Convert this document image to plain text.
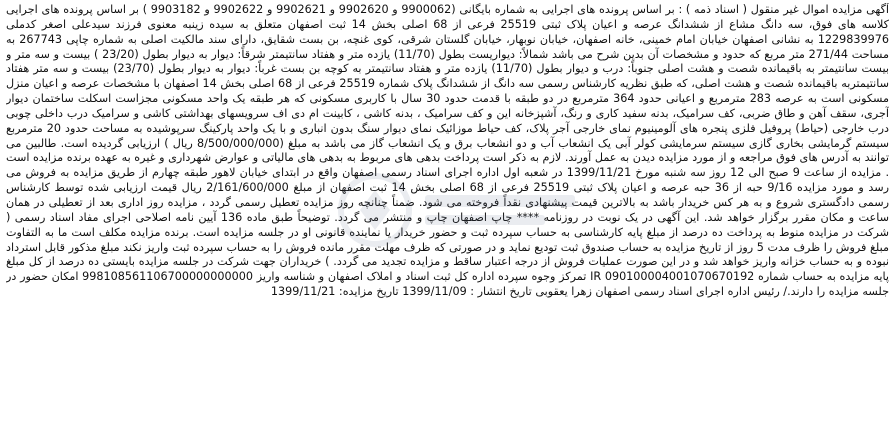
آگهی مزایده اموال غیر منقول ( اسناد ذمه ) : بر اساس پرونده های اجرایی به شماره بایگانی (9900062 و 9902620 و 9902621 و 9902622 و 9903182 ) بر اساس پرونده های اجرایی کلاسه های فوق، سه دانگ مشاع از ششدانگ عرصه و اعیان پلاک ثبتی 25519 فرعی از 68 اصلی بخش 14 ثبت اصفهان متعلق به سیده زینبه معنوی فرزند سیدعلی اصغر کدملی 1229839976 به نشانی اصفهان خیابان امام خمینی، خانه اصفهان، خیابان نوبهار، خیابان گلستان شرقی، کوی غنچه، بن بست شقایق، دارای سند مالکیت اصلی به شماره چاپی 267743 به مساحت 271/44 متر مربع که حدود و مشخصات آن بدین شرح می باشد شمالاً: دیواریست بطول (11/70) یازده متر و هفتاد سانتیمتر شرقاً: دیوار به دیوار بطول (23/20 ) بیست و سه متر و بیست سانتیمتر به باقیمانده شصت و هشت اصلی جنوباً: درب و دیوار بطول (11/70) یازده متر و هفتاد سانتیمتر به کوچه بن بست غرباً: دیوار به دیوار بطول (23/70) بیست و سه متر هفتاد سانتیمتربه باقیمانده شصت و هشت اصلی، که طبق نظریه کارشناس رسمی سه دانگ از ششدانگ پلاک شماره 25519 فرعی از 68 اصلی بخش 14 اصفهان با مشخصات عرصه و اعیان منزل مسکونی است به عرصه 283 مترمربع و اعیانی حدود 364 مترمربع در دو طبقه با قدمت حدود 30 سال با کاربری مسکونی که هر طبقه یک واحد مسکونی مجزاست اسکلت ساختمان دیوار آجری، سقف آهن و طاق ضربی، کف سرامیک، بدنه سفید کاری و رنگ، آشپزخانه این و کف سرامیک ، بدنه کاشی ، کابینت ام دی اف سرویسهای بهداشتی کاشی و سرامیک درب داخلی چوبی درب خارجی (حیاط) پروفیل فلزی پنجره های آلومینیوم نمای خارجی آجر پلاک، کف حیاط موزائیک نمای دیوار سنگ بدون انباری و با یک واحد پارکینگ سرپوشیده به مساحت حدود 20 مترمربع سیستم گرمایشی بخاری گازی سیستم سرمایشی کولر آبی یک انشعاب آب و دو انشعاب برق و یک انشعاب گاز می باشد به مبلغ (8/500/000/000 ریال ) ارزیابی گردیده است. طالبین می توانند به آدرس های فوق مراجعه و از مورد مزایده دیدن به عمل آورند. لازم به ذکر است پرداخت بدهی های مربوط به بدهی های مالیاتی و عوارض شهرداری و غیره به عهده برنده مزایده است . مزایده از ساعت 9 صبح الی 12 روز سه شنبه مورخ 1399/11/21 در شعبه اول اداره اجرای اسناد رسمی اصفهان واقع در ابتدای خیابان لاهور طبقه چهارم از طریق مزایده به فروش می رسد و مورد مزایده 9/16 حبه از 36 حبه عرصه و اعیان پلاک ثبتی 25519 فرعی از 68 اصلی بخش 14 ثبت اصفهان از مبلغ 2/161/600/000 ریال قیمت ارزیابی شده توسط کارشناس رسمی دادگستری شروع و به هر کس خریدار باشد به بالاترین قیمت پیشنهادی نقداً فروخته می شود. ضمناً چنانچه روز مزایده تعطیل رسمی گردد ، مزایده روز اداری بعد از تعطیلی در همان ساعت و مکان مقرر برگزار خواهد شد. این آگهی در یک نوبت در روزنامه **** چاپ اصفهان چاپ و منتشر می گردد. توضیحاً طبق ماده 136 آیین نامه اصلاحی اجرای مفاد اسناد رسمی ( شرکت در مزایده منوط به پرداخت ده درصد از مبلغ پایه کارشناسی به حساب سپرده ثبت و حضور خریدار یا نماینده قانونی او در جلسه مزایده است. برنده مزایده مکلف است ما به التفاوت مبلغ فروش را ظرف مدت 5 روز از تاریخ مزایده به حساب صندوق ثبت تودیع نماید و در صورتی که ظرف مهلت مقرر مانده فروش را به حساب سپرده ثبت واریز نکند مبلغ مذکور قابل استرداد نبوده و به حساب خزانه واریز خواهد شد و در این صورت عملیات فروش از درجه اعتبار ساقط و مزایده تجدید می گردد. ) خریداران جهت شرکت در جلسه مزایده بایستی ده درصد از کل مبلغ پایه مزایده به حساب شماره IR 090100004001070670192 تمرکز وجوه سپرده اداره کل ثبت اسناد و املاک اصفهان و شناسه واریز 998108561106700000000000 امکان حضور در جلسه مزایده را دارند./ رئیس اداره اجرای اسناد رسمی اصفهان زهرا یعقوبی تاریخ انتشار : 1399/11/09 تاریخ مزایده: 1399/11/21
